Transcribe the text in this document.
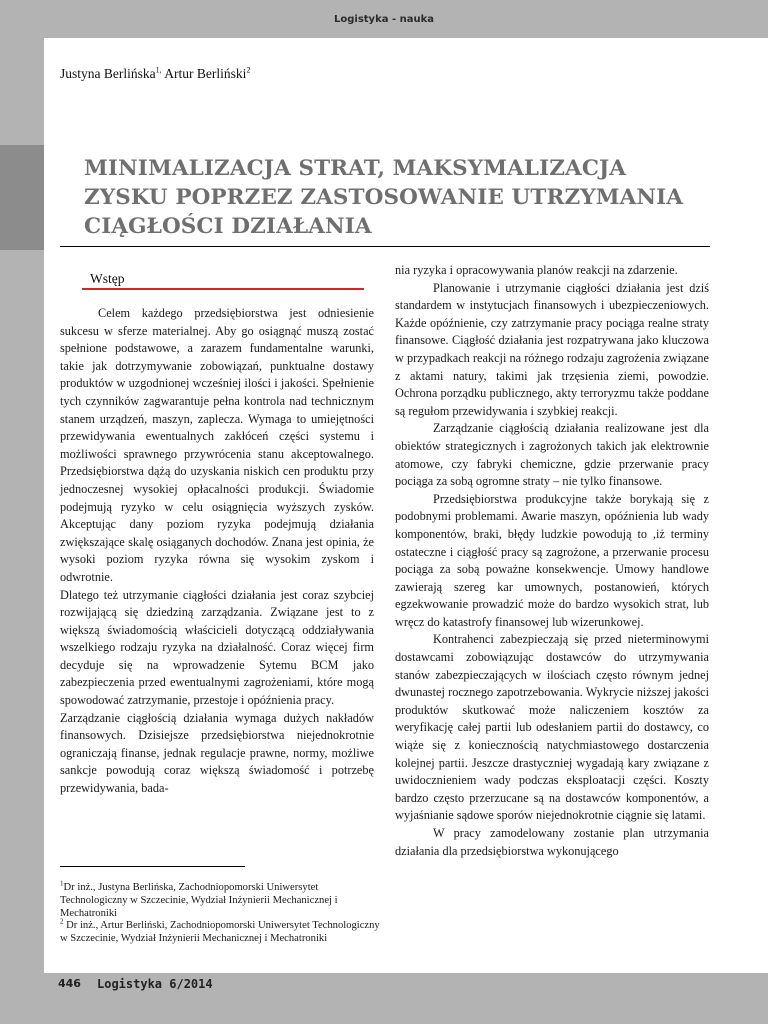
Logistyka - nauka
Justyna Berlińska$^{1,}$ Artur Berliński$^2$
MINIMALIZACJA STRAT, MAKSYMALIZACJA ZYSKU POPRZEZ ZASTOSOWANIE UTRZYMANIA CIĄGŁOŚCI DZIAŁANIA
Wstęp

Celem każdego przedsiębiorstwa jest odniesienie sukcesu w sferze materialnej. Aby go osiągnąć muszą zostać spełnione podstawowe, a zarazem fundamentalne warunki, takie jak dotrzymywanie zobowiązań, punktualne dostawy produktów w uzgodnionej wcześniej ilości i jakości. Spełnienie tych czynników zagwarantuje pełna kontrola nad technicznym stanem urządzeń, maszyn, zaplecza. Wymaga to umiejętności przewidywania ewentualnych zakłóceń części systemu i możliwości sprawnego przywrócenia stanu akceptowalnego. Przedsiębiorstwa dążą do uzyskania niskich cen produktu przy jednoczesnej wysokiej opłacalności produkcji. Świadomie podejmują ryzyko w celu osiągnięcia wyższych zysków. Akceptując dany poziom ryzyka podejmują działania zwiększające skalę osiąganych dochodów. Znana jest opinia, że wysoki poziom ryzyka równa się wysokim zyskom i odwrotnie.

Dlatego też utrzymanie ciągłości działania jest coraz szybciej rozwijającą się dziedziną zarządzania. Związane jest to z większą świadomością właścicieli dotyczącą oddziaływania wszelkiego rodzaju ryzyka na działalność. Coraz więcej firm decyduje się na wprowadzenie Sytemu BCM jako zabezpieczenia przed ewentualnymi zagrożeniami, które mogą spowodować zatrzymanie, przestoje i opóźnienia pracy.

Zarządzanie ciągłością działania wymaga dużych nakładów finansowych. Dzisiejsze przedsiębiorstwa niejednokrotnie ograniczają finanse, jednak regulacje prawne, normy, możliwe sankcje powodują coraz większą świadomość i potrzebę przewidywania, bada-

nia ryzyka i opracowywania planów reakcji na zdarzenie.

Planowanie i utrzymanie ciągłości działania jest dziś standardem w instytucjach finansowych i ubezpieczeniowych. Każde opóźnienie, czy zatrzymanie pracy pociąga realne straty finansowe. Ciągłość działania jest rozpatrywana jako kluczowa w przypadkach reakcji na różnego rodzaju zagrożenia związane z aktami natury, takimi jak trzęsienia ziemi, powodzie. Ochrona porządku publicznego, akty terroryzmu także poddane są regułom przewidywania i szybkiej reakcji.

Zarządzanie ciągłością działania realizowane jest dla obiektów strategicznych i zagrożonych takich jak elektrownie atomowe, czy fabryki chemiczne, gdzie przerwanie pracy pociąga za sobą ogromne straty – nie tylko finansowe.

Przedsiębiorstwa produkcyjne także borykają się z podobnymi problemami. Awarie maszyn, opóźnienia lub wady komponentów, braki, błędy ludzkie powodują to ,iż terminy ostateczne i ciągłość pracy są zagrożone, a przerwanie procesu pociąga za sobą poważne konsekwencje. Umowy handlowe zawierają szereg kar umownych, postanowień, których egzekwowanie prowadzić może do bardzo wysokich strat, lub wręcz do katastrofy finansowej lub wizerunkowej.

Kontrahenci zabezpieczają się przed nieterminowymi dostawcami zobowiązując dostawców do utrzymywania stanów zabezpieczających w ilościach często równym jednej dwunastej rocznego zapotrzebowania. Wykrycie niższej jakości produktów skutkować może naliczeniem kosztów za weryfikację całej partii lub odesłaniem partii do dostawcy, co wiąże się z koniecznością natychmiastowego dostarczenia kolejnej partii. Jeszcze drastyczniej wygadają kary związane z uwidocznieniem wady podczas eksploatacji części. Koszty bardzo często przerzucane są na dostawców komponentów, a wyjaśnianie sądowe sporów niejednokrotnie ciągnie się latami.

W pracy zamodelowany zostanie plan utrzymania działania dla przedsiębiorstwa wykonującego

$^1$Dr inż., Justyna Berlińska, Zachodniopomorski Uniwersytet Technologiczny w Szczecinie, Wydział Inżynierii Mechanicznej i Mechatroniki

$^2$ Dr inż., Artur Berliński, Zachodniopomorski Uniwersytet Technologiczny w Szczecinie, Wydział Inżynierii Mechanicznej i Mechatroniki

446 Logistyka 6/2014
